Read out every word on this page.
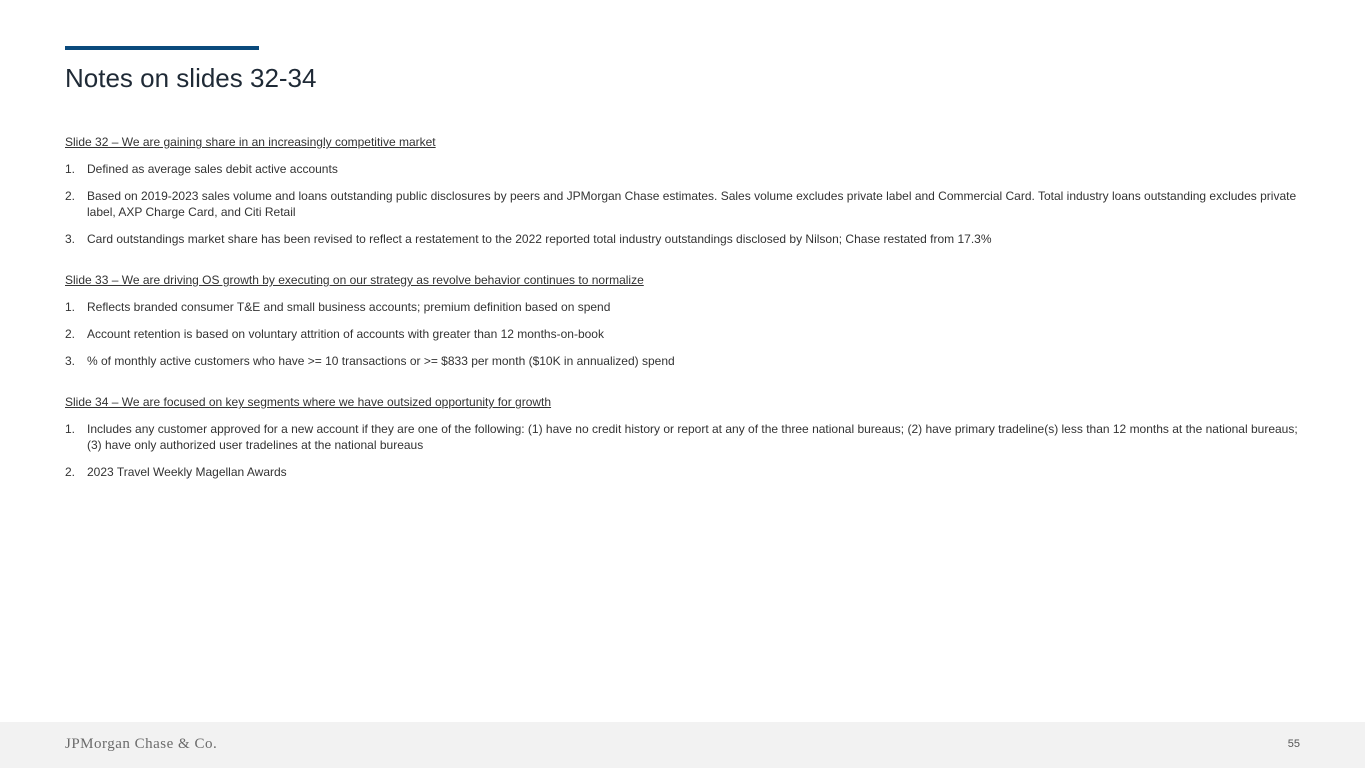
Notes on slides 32-34
Slide 32 – We are gaining share in an increasingly competitive market
1. Defined as average sales debit active accounts
2. Based on 2019-2023 sales volume and loans outstanding public disclosures by peers and JPMorgan Chase estimates. Sales volume excludes private label and Commercial Card. Total industry loans outstanding excludes private label, AXP Charge Card, and Citi Retail
3. Card outstandings market share has been revised to reflect a restatement to the 2022 reported total industry outstandings disclosed by Nilson; Chase restated from 17.3%
Slide 33 – We are driving OS growth by executing on our strategy as revolve behavior continues to normalize
1. Reflects branded consumer T&E and small business accounts; premium definition based on spend
2. Account retention is based on voluntary attrition of accounts with greater than 12 months-on-book
3. % of monthly active customers who have >= 10 transactions or >= $833 per month ($10K in annualized) spend
Slide 34 – We are focused on key segments where we have outsized opportunity for growth
1. Includes any customer approved for a new account if they are one of the following: (1) have no credit history or report at any of the three national bureaus; (2) have primary tradeline(s) less than 12 months at the national bureaus; (3) have only authorized user tradelines at the national bureaus
2. 2023 Travel Weekly Magellan Awards
JPMorgan Chase & Co.	55
